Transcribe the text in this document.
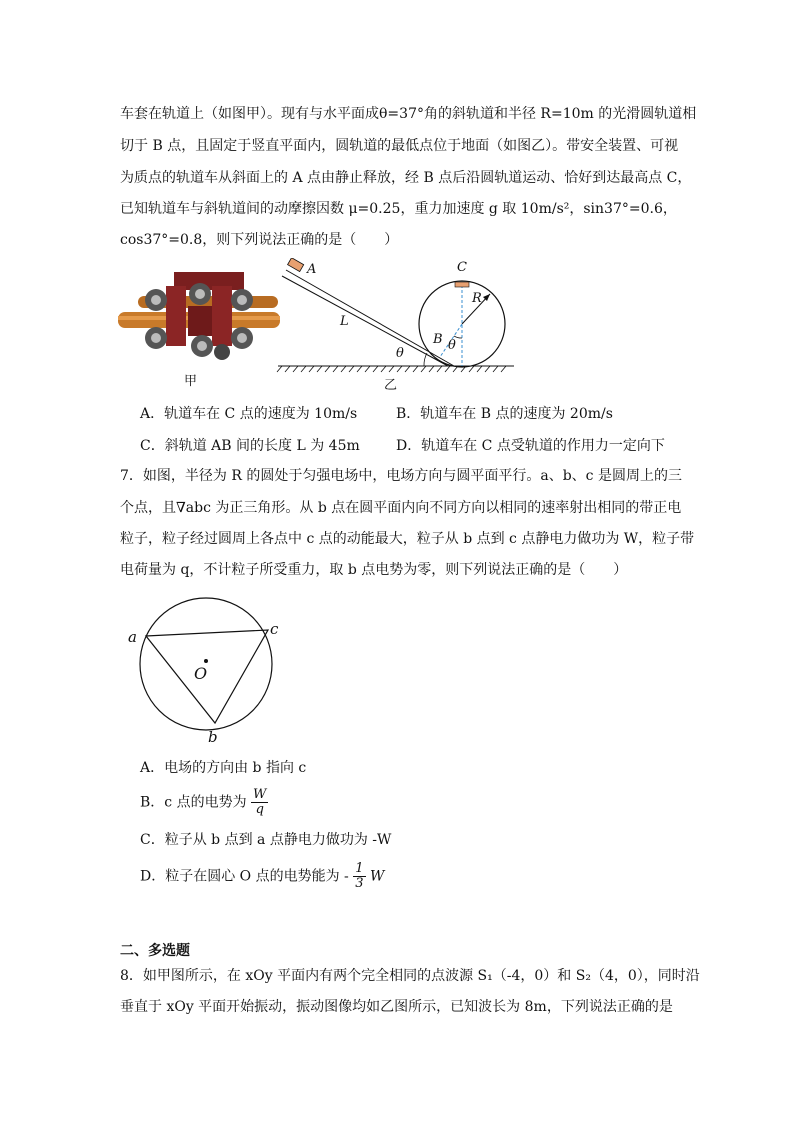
车套在轨道上（如图甲）。现有与水平面成θ=37°角的斜轨道和半径 R=10m 的光滑圆轨道相
切于 B 点，且固定于竖直平面内，圆轨道的最低点位于地面（如图乙）。带安全装置、可视
为质点的轨道车从斜面上的 A 点由静止释放，经 B 点后沿圆轨道运动、恰好到达最高点 C，
已知轨道车与斜轨道间的动摩擦因数 μ=0.25，重力加速度 g 取 10m/s²，sin37°=0.6，
cos37°=0.8，则下列说法正确的是（　　）
甲
A
L
θ
B θ
C
R
乙
A．轨道车在 C 点的速度为 10m/s	B．轨道车在 B 点的速度为 20m/s
C．斜轨道 AB 间的长度 L 为 45m	D．轨道车在 C 点受轨道的作用力一定向下
7．如图，半径为 R 的圆处于匀强电场中，电场方向与圆平面平行。a、b、c 是圆周上的三
个点，且∇abc 为正三角形。从 b 点在圆平面内向不同方向以相同的速率射出相同的带正电
粒子，粒子经过圆周上各点中 c 点的动能最大，粒子从 b 点到 c 点静电力做功为 W，粒子带
电荷量为 q，不计粒子所受重力，取 b 点电势为零，则下列说法正确的是（　　）
a	c
b
O
A．电场的方向由 b 指向 c
B．c 点的电势为 $\frac{W}{q}$
C．粒子从 b 点到 a 点静电力做功为 -W
D．粒子在圆心 O 点的电势能为 - $\frac{1}{3}$ W
二、多选题
8．如甲图所示，在 xOy 平面内有两个完全相同的点波源 S₁（-4，0）和 S₂（4，0），同时沿
垂直于 xOy 平面开始振动，振动图像均如乙图所示，已知波长为 8m，下列说法正确的是
